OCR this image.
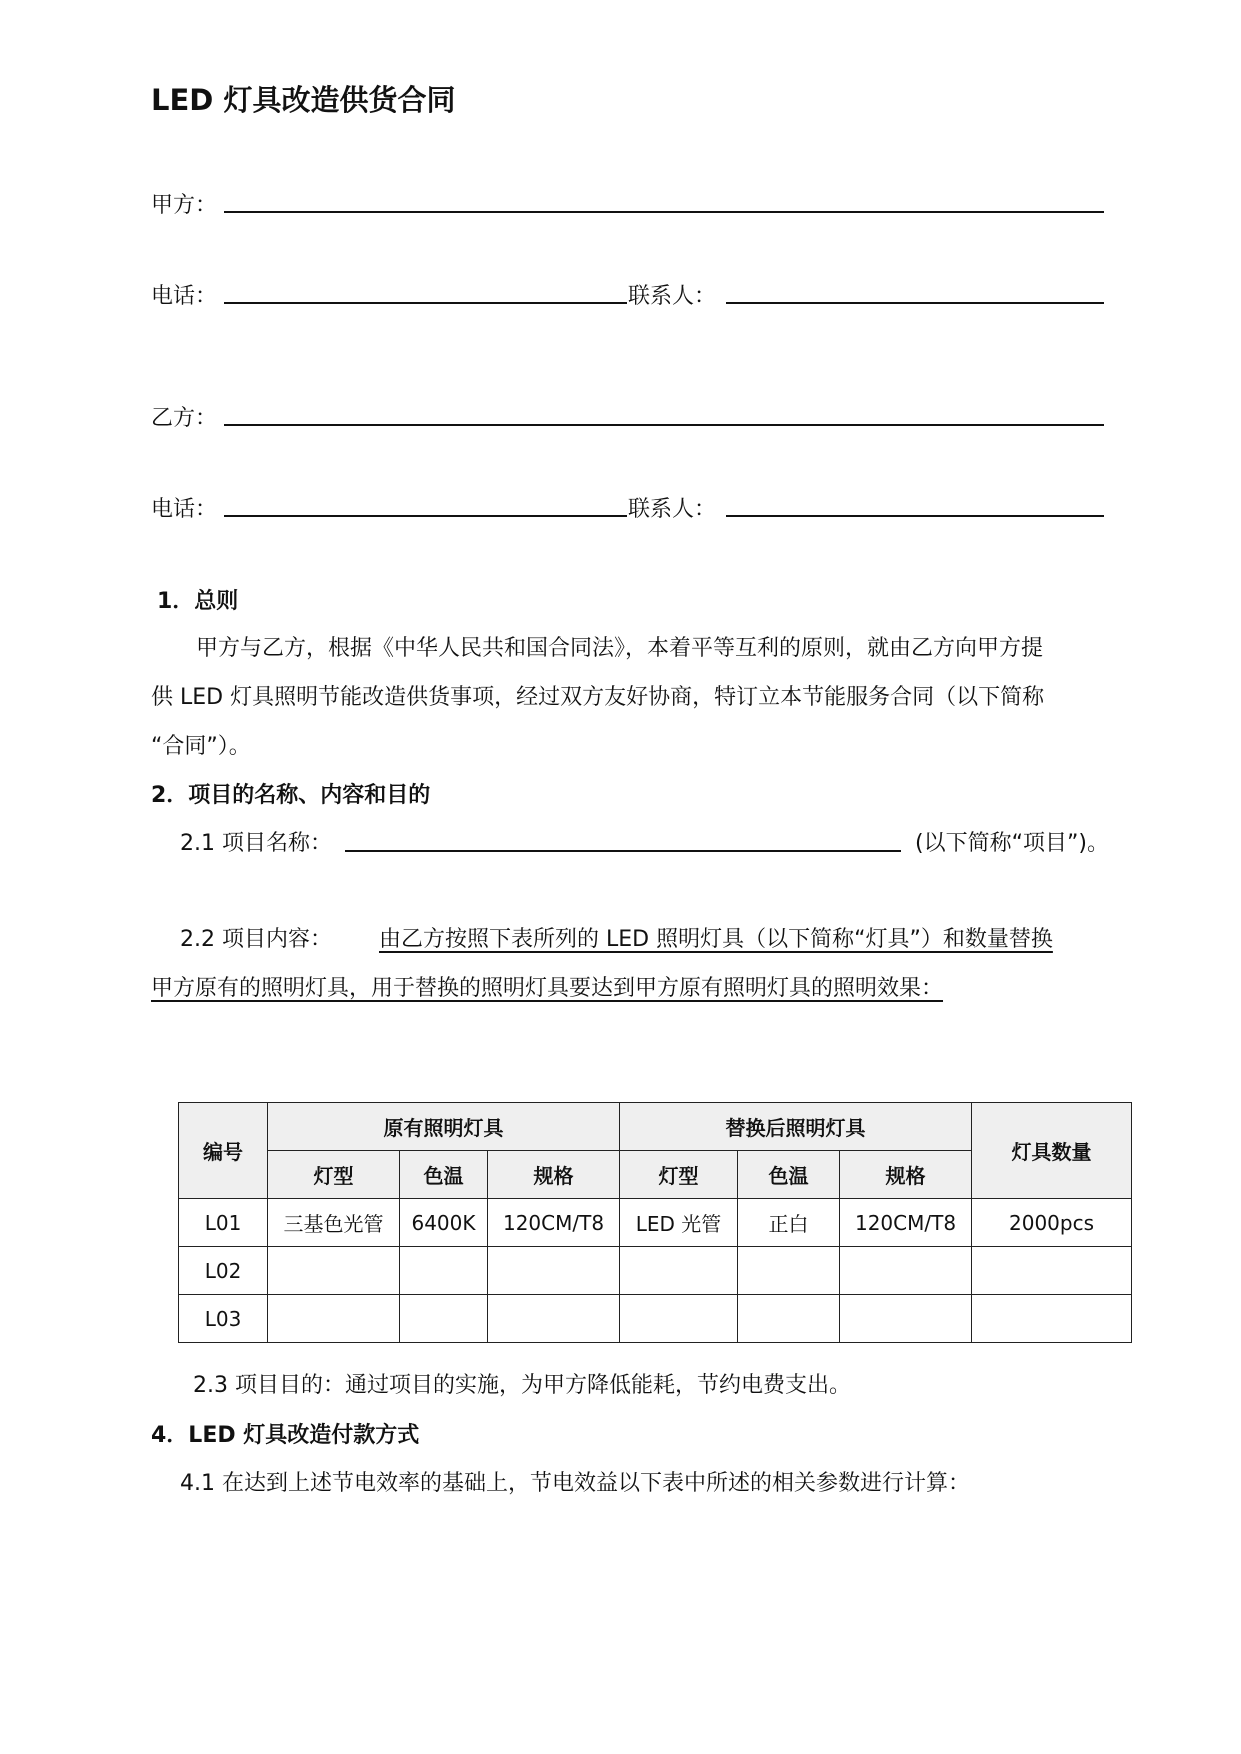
LED 灯具改造供货合同
甲方：
电话：	联系人：
乙方：
电话：	联系人：
1．总则
甲方与乙方，根据《中华人民共和国合同法》，本着平等互利的原则，就由乙方向甲方提
供 LED 灯具照明节能改造供货事项，经过双方友好协商，特订立本节能服务合同（以下简称
“合同”）。
2．项目的名称、内容和目的
2.1 项目名称：	(以下简称“项目”)。
2.2 项目内容：	由乙方按照下表所列的 LED 照明灯具（以下简称“灯具”）和数量替换
甲方原有的照明灯具，用于替换的照明灯具要达到甲方原有照明灯具的照明效果：
编号	原有照明灯具			替换后照明灯具			灯具数量
	灯型	色温	规格	灯型	色温	规格	
L01	三基色光管	6400K	120CM/T8	LED 光管	正白	120CM/T8	2000pcs
L02							
L03							
2.3 项目目的：通过项目的实施，为甲方降低能耗，节约电费支出。
4．LED 灯具改造付款方式
4.1 在达到上述节电效率的基础上，节电效益以下表中所述的相关参数进行计算：
